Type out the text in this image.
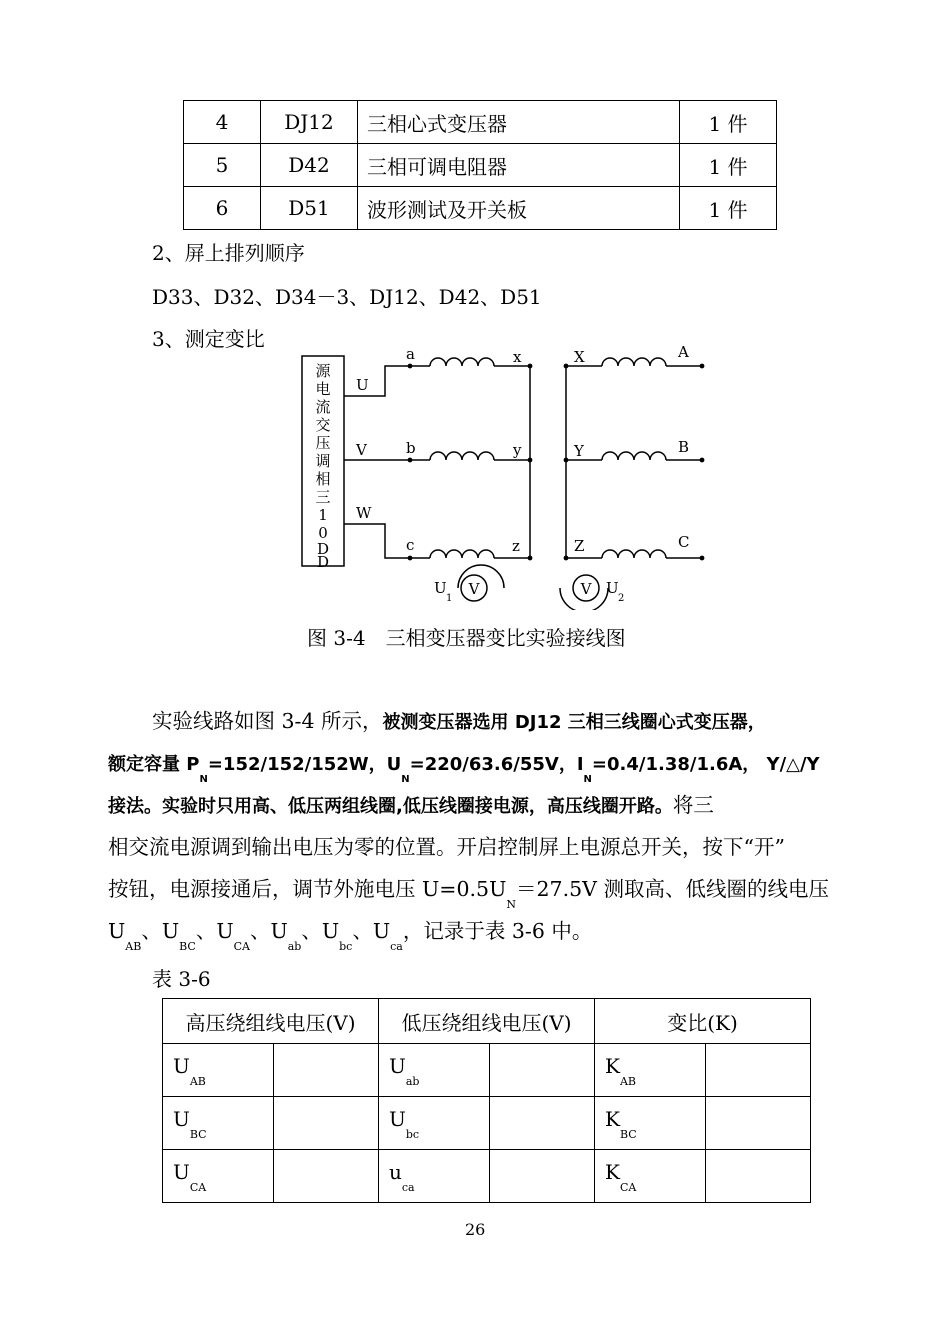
4	DJ12	三相心式变压器	1 件
5	D42	三相可调电阻器	1 件
6	D51	波形测试及开关板	1 件
2、屏上排列顺序
D33、D32、D34－3、DJ12、D42、D51
3、测定变比
源
电
流
交
压
调
相
三
1
0
D
D
U
V
W
a
b
c
x
y
z
X
Y
Z
A
B
C
U
1
V	V U
2
图 3-4　三相变压器变比实验接线图
实验线路如图 3-4 所示，被测变压器选用 DJ12 三相三线圈心式变压器，
额定容量 $P_N=152/152/152W$，$U_N=220/63.6/55V$，$I_N=0.4/1.38/1.6A$， Y/△/Y
接法。实验时只用高、低压两组线圈,低压线圈接电源，高压线圈开路。将三
相交流电源调到输出电压为零的位置。开启控制屏上电源总开关，按下“开”
按钮，电源接通后，调节外施电压 $U=0.5U_N=27.5V$ 测取高、低线圈的线电压
$U_{AB}$、$U_{BC}$、$U_{CA}$、$U_{ab}$、$U_{bc}$、$U_{ca}$，记录于表 3-6 中。
表 3-6
高压绕组线电压(V)		低压绕组线电压(V)		变比(K)	
$U_{AB}$		$U_{ab}$		$K_{AB}$	
$U_{BC}$		$U_{bc}$		$K_{BC}$	
$U_{CA}$		$u_{ca}$		$K_{CA}$	
26
